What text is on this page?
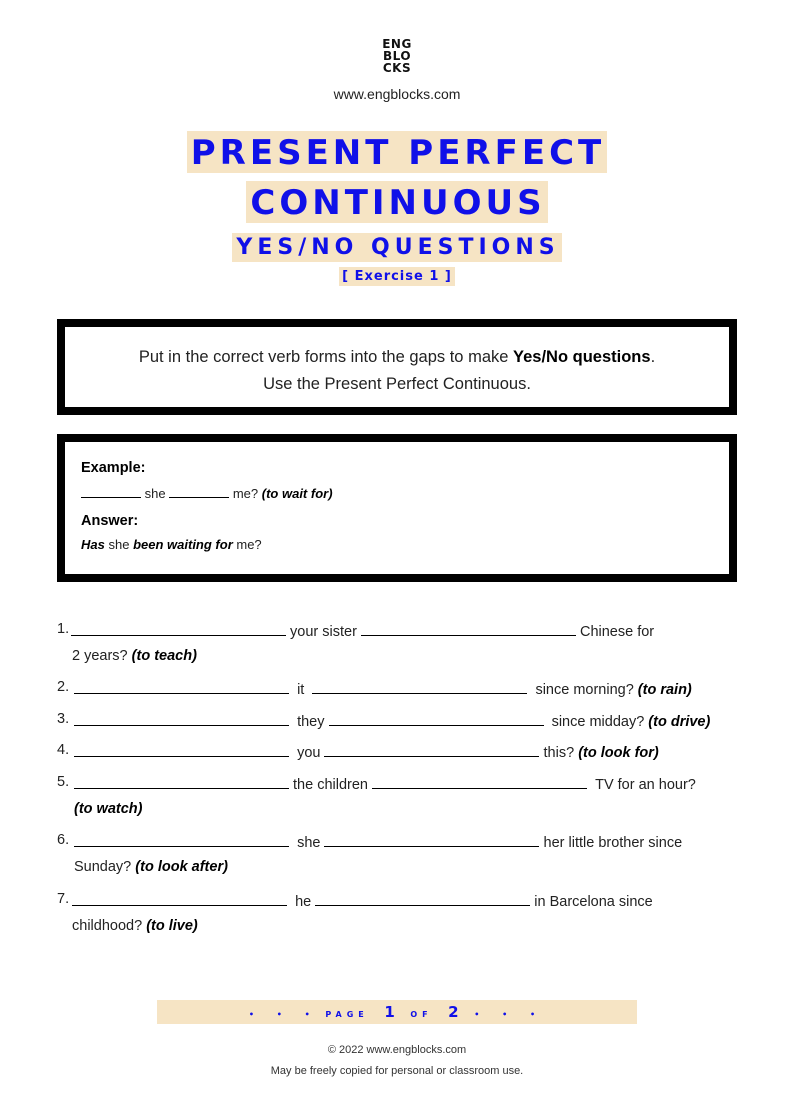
ENG
BLO
CKS
www.engblocks.com
PRESENT PERFECT
CONTINUOUS
YES/NO QUESTIONS
[ Exercise 1 ]

Put in the correct verb forms into the gaps to make Yes/No questions.

Use the Present Perfect Continuous.

Example:
she	me? (to wait for)
Answer:
Has she been waiting for me?
1.	your sister	Chinese for
2 years? (to teach)
2.	it	since morning? (to rain)
3.	they	since midday? (to drive)
4.	you	this? (to look for)
5.	the children	TV for an hour?
(to watch)
6.	she	her little brother since
Sunday? (to look after)
7.	he	in Barcelona since
childhood? (to live)
• • • PAGE 1 OF 2 • • •
© 2022 www.engblocks.com
May be freely copied for personal or classroom use.
